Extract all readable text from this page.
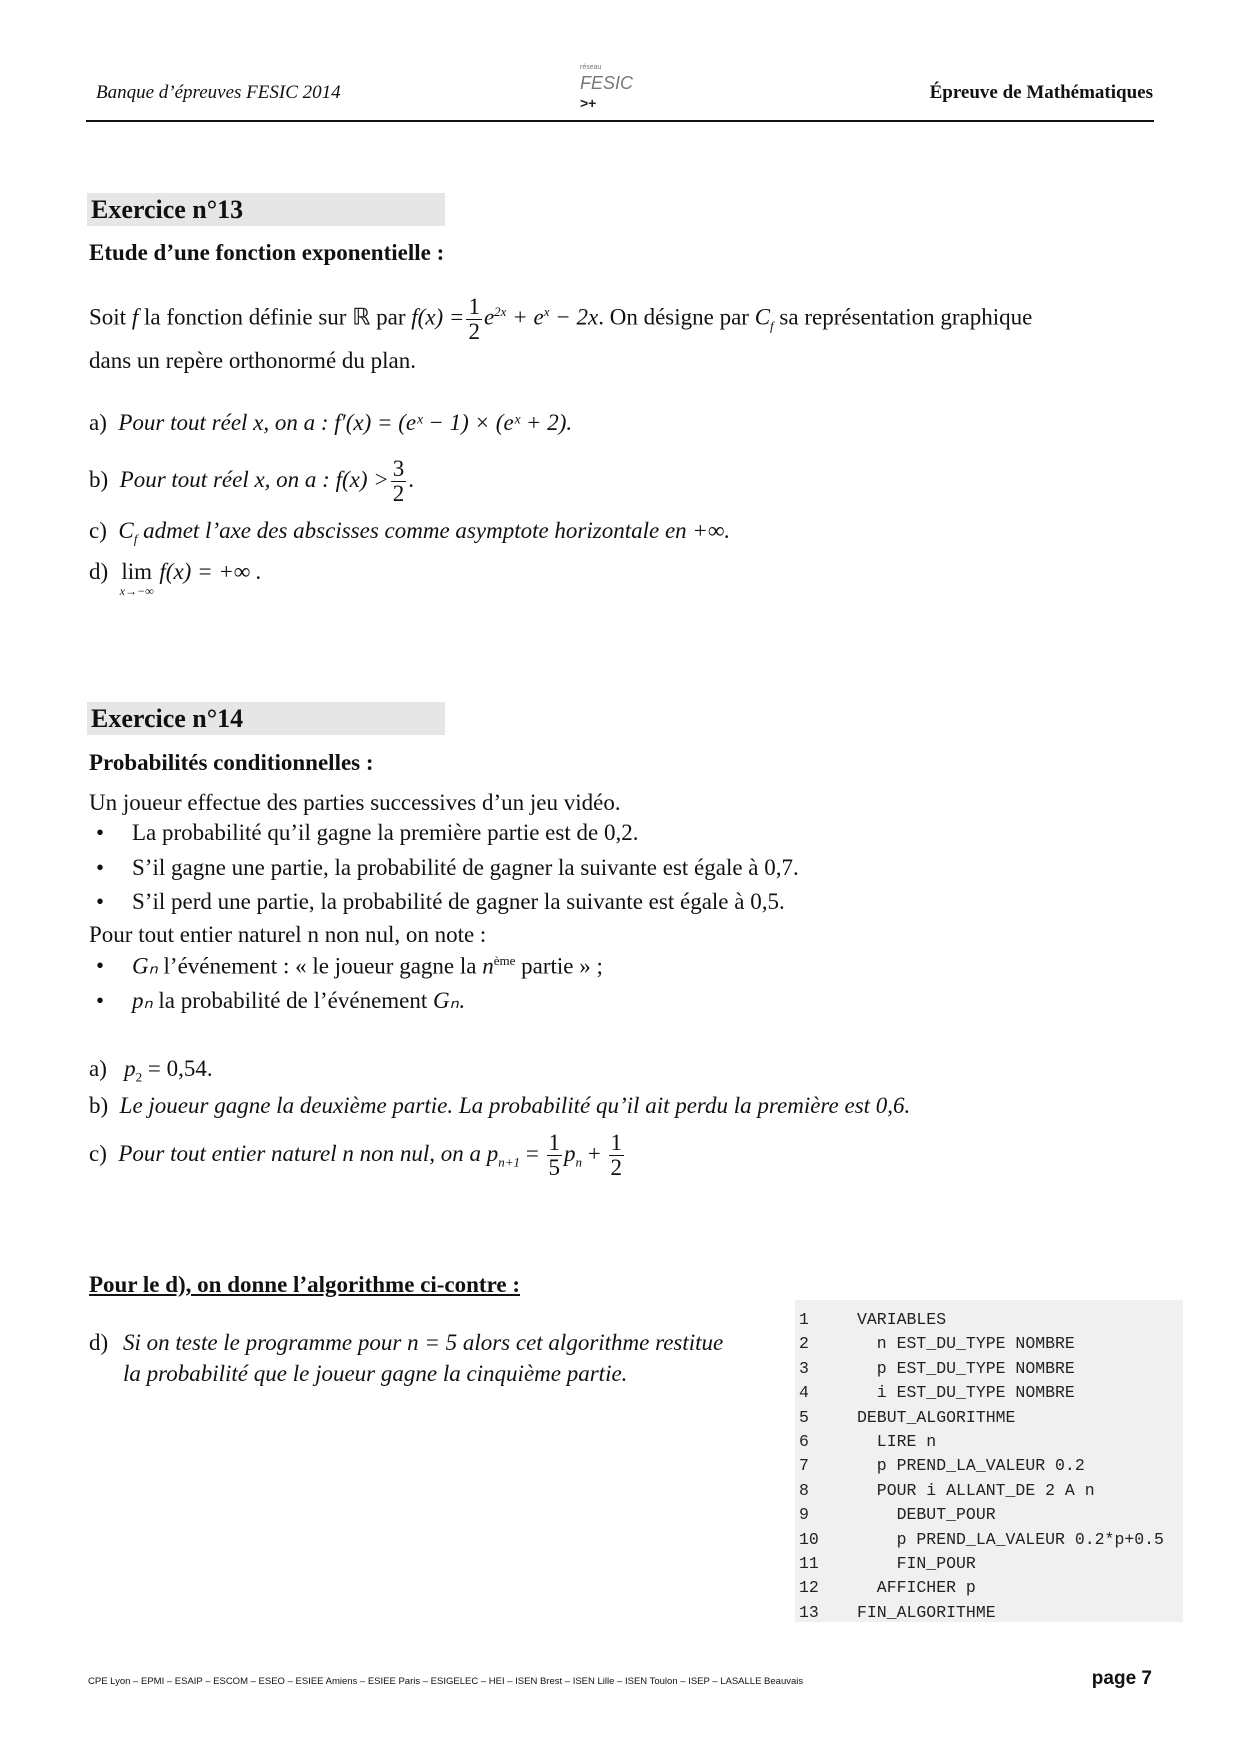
Banque d’épreuves FESIC 2014
réseau
FESIC
>+	Épreuve de Mathématiques
Exercice n°13
Etude d’une fonction exponentielle :
Soit f la fonction définie sur ℝ par $f(x) = \frac{1}{2} e^{2x} + e^x - 2x$. On désigne par $C_f$ sa représentation graphique
dans un repère orthonormé du plan.
a) Pour tout réel x, on a : f′(x) = (eˣ − 1) × (eˣ + 2).
b) Pour tout réel x, on a : $f(x) > \frac{3}{2}$ .
c) $C_f$ admet l’axe des abscisses comme asymptote horizontale en +∞.
d) lim
x→−∞
f(x) = +∞ .
Exercice n°14
Probabilités conditionnelles :
Un joueur effectue des parties successives d’un jeu vidéo.
• La probabilité qu’il gagne la première partie est de 0,2.
• S’il gagne une partie, la probabilité de gagner la suivante est égale à 0,7.
• S’il perd une partie, la probabilité de gagner la suivante est égale à 0,5.
Pour tout entier naturel n non nul, on note :
• Gₙ l’événement : « le joueur gagne la $n^{ème}$ partie » ;
• pₙ la probabilité de l’événement Gₙ.
a) $p_2 = 0,54$.
b) Le joueur gagne la deuxième partie. La probabilité qu’il ait perdu la première est 0,6.
c) Pour tout entier naturel n non nul, on a $p_{n+1} = \frac{1}{5} p_n + \frac{1}{2}$
Pour le d), on donne l’algorithme ci-contre :
d) Si on teste le programme pour n = 5 alors cet algorithme restitue
la probabilité que le joueur gagne la cinquième partie.
1	VARIABLES
2	n EST_DU_TYPE NOMBRE
3	p EST_DU_TYPE NOMBRE
4	i EST_DU_TYPE NOMBRE
5	DEBUT_ALGORITHME
6	LIRE n
7	p PREND_LA_VALEUR 0.2
8	POUR i ALLANT_DE 2 A n
9	DEBUT_POUR
10 p PREND_LA_VALEUR 0.2*p+0.5
11 FIN_POUR
12 AFFICHER p
13 FIN_ALGORITHME
CPE Lyon – EPMI – ESAIP – ESCOM – ESEO – ESIEE Amiens – ESIEE Paris – ESIGELEC – HEI – ISEN Brest – ISEN Lille – ISEN Toulon – ISEP – LASALLE Beauvais	page 7
